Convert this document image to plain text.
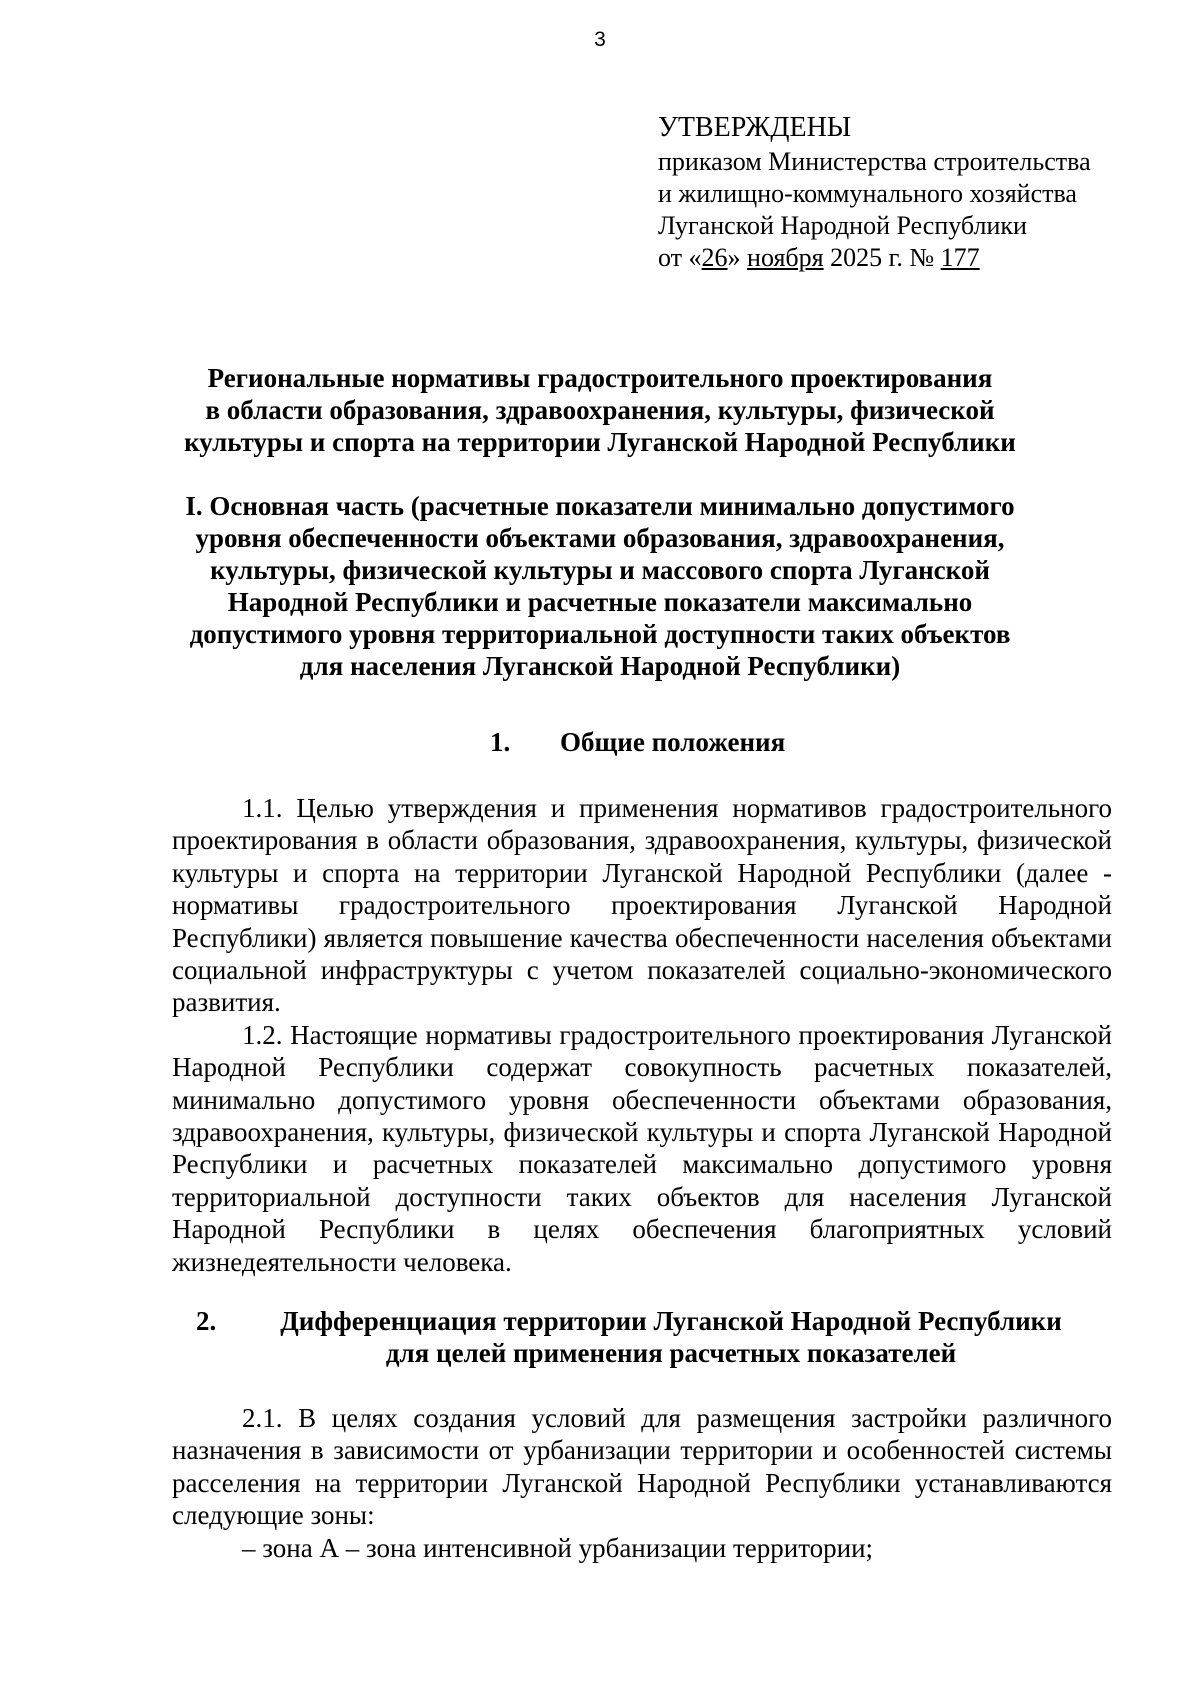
3
УТВЕРЖДЕНЫ
приказом Министерства строительства
и жилищно-коммунального хозяйства
Луганской Народной Республики
от «26» ноября 2025 г. № 177
Региональные нормативы градостроительного проектирования
в области образования, здравоохранения, культуры, физической
культуры и спорта на территории Луганской Народной Республики
I. Основная часть (расчетные показатели минимально допустимого
уровня обеспеченности объектами образования, здравоохранения,
культуры, физической культуры и массового спорта Луганской
Народной Республики и расчетные показатели максимально
допустимого уровня территориальной доступности таких объектов
для населения Луганской Народной Республики)
1. Общие положения

1.1. Целью утверждения и применения нормативов градостроительного проектирования в области образования, здравоохранения, культуры, физической культуры и спорта на территории Луганской Народной Республики (далее - нормативы градостроительного проектирования Луганской Народной Республики) является повышение качества обеспеченности населения объектами социальной инфраструктуры с учетом показателей социально-экономического развития.

1.2. Настоящие нормативы градостроительного проектирования Луганской Народной Республики содержат совокупность расчетных показателей, минимально допустимого уровня обеспеченности объектами образования, здравоохранения, культуры, физической культуры и спорта Луганской Народной Республики и расчетных показателей максимально допустимого уровня территориальной доступности таких объектов для населения Луганской Народной Республики в целях обеспечения благоприятных условий жизнедеятельности человека.

2.	Дифференциация территории Луганской Народной Республики
для целей применения расчетных показателей

2.1. В целях создания условий для размещения застройки различного назначения в зависимости от урбанизации территории и особенностей системы расселения на территории Луганской Народной Республики устанавливаются следующие зоны:

– зона А – зона интенсивной урбанизации территории;
